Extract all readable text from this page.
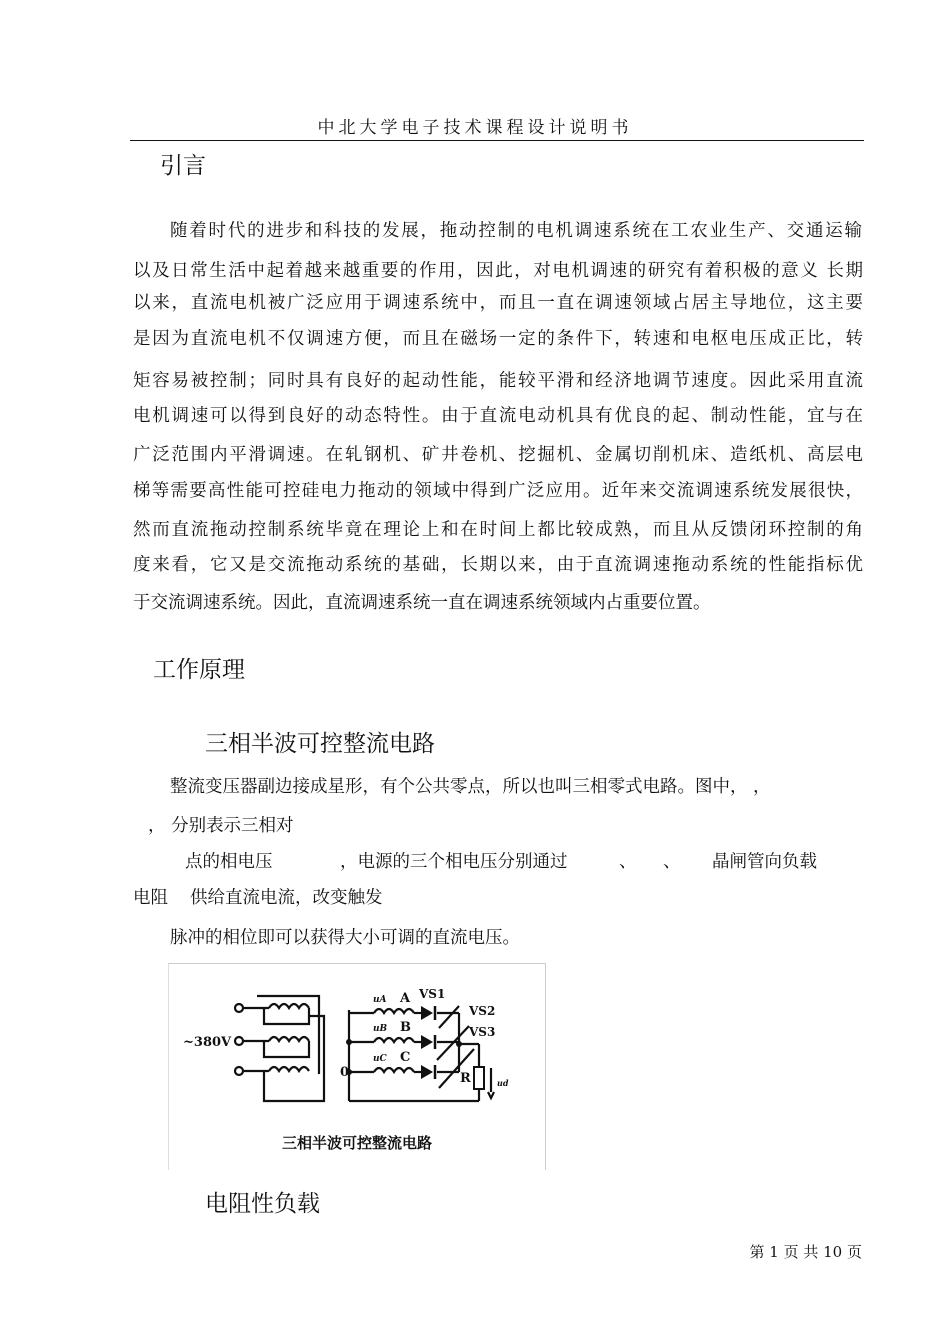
中北大学电子技术课程设计说明书
引言
随着时代的进步和科技的发展，拖动控制的电机调速系统在工农业生产、交通运输
以及日常生活中起着越来越重要的作用，因此，对电机调速的研究有着积极的意义 长期
以来，直流电机被广泛应用于调速系统中，而且一直在调速领域占居主导地位，这主要
是因为直流电机不仅调速方便，而且在磁场一定的条件下，转速和电枢电压成正比，转
矩容易被控制；同时具有良好的起动性能，能较平滑和经济地调节速度。因此采用直流
电机调速可以得到良好的动态特性。由于直流电动机具有优良的起、制动性能，宜与在
广泛范围内平滑调速。在轧钢机、矿井卷机、挖掘机、金属切削机床、造纸机、高层电
梯等需要高性能可控硅电力拖动的领域中得到广泛应用。近年来交流调速系统发展很快，
然而直流拖动控制系统毕竟在理论上和在时间上都比较成熟，而且从反馈闭环控制的角
度来看，它又是交流拖动系统的基础，长期以来，由于直流调速拖动系统的性能指标优
于交流调速系统。因此，直流调速系统一直在调速系统领域内占重要位置。
工作原理
三相半波可控整流电路
整流变压器副边接成星形，有个公共零点，所以也叫三相零式电路。图中， ，
， 分别表示三相对
点的相电压	，电源的三个相电压分别通过	、 、 晶闸管向负载
电阻 供给直流电流，改变触发
脉冲的相位即可以获得大小可调的直流电压。
~380V
0
uA
uB
uC
A
B
C
VS1
VS2
VS3
R	ud
三相半波可控整流电路
电阻性负载
第 1 页 共 10 页
